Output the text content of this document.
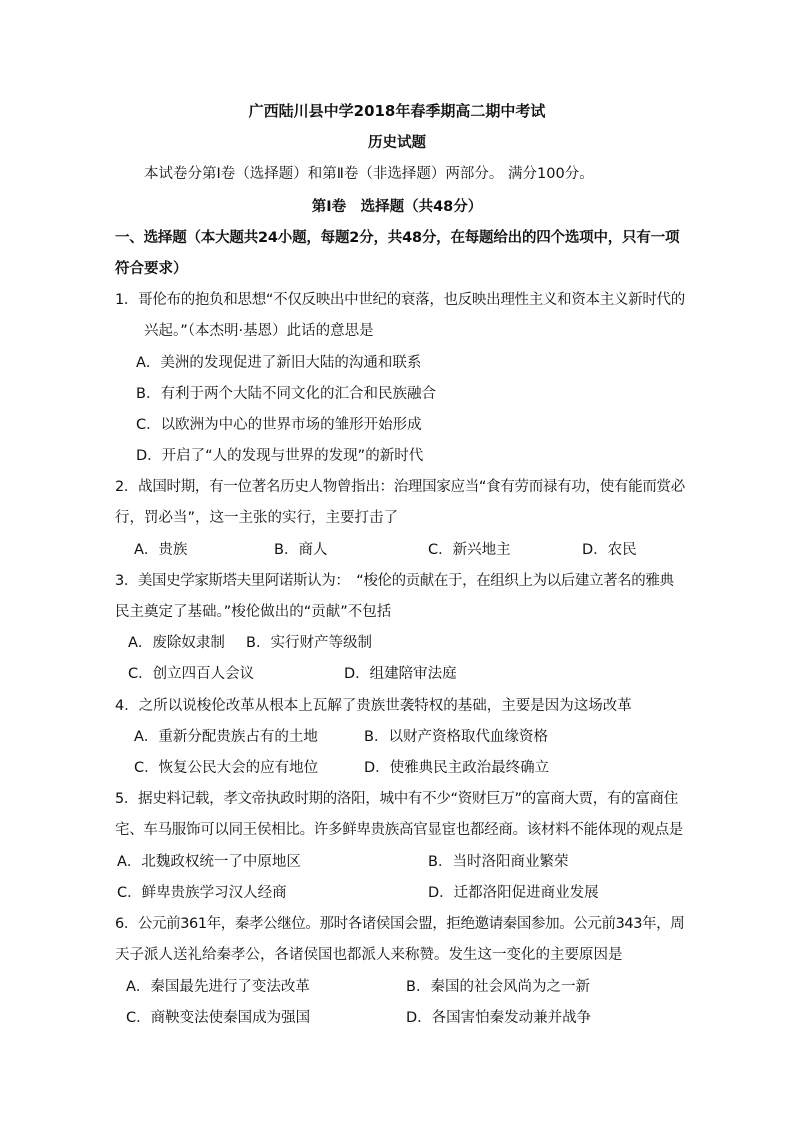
广西陆川县中学2018年春季期高二期中考试
历史试题
本试卷分第Ⅰ卷（选择题）和第Ⅱ卷（非选择题）两部分。 满分100分。
第Ⅰ卷　选择题（共48分）
一、选择题（本大题共24小题，每题2分，共48分，在每题给出的四个选项中，只有一项
符合要求）
1．哥伦布的抱负和思想“不仅反映出中世纪的衰落，也反映出理性主义和资本主义新时代的
兴起。”（本杰明·基恩）此话的意思是
A．美洲的发现促进了新旧大陆的沟通和联系
B．有利于两个大陆不同文化的汇合和民族融合
C．以欧洲为中心的世界市场的雏形开始形成
D．开启了“人的发现与世界的发现”的新时代
2．战国时期，有一位著名历史人物曾指出：治理国家应当“食有劳而禄有功，使有能而赏必
行，罚必当”，这一主张的实行，主要打击了
A．贵族	B．商人	C．新兴地主	D．农民
3．美国史学家斯塔夫里阿诺斯认为：　“梭伦的贡献在于，在组织上为以后建立著名的雅典
民主奠定了基础。”梭伦做出的“贡献”不包括
A．废除奴隶制 B．实行财产等级制
C．创立四百人会议	D．组建陪审法庭
4．之所以说梭伦改革从根本上瓦解了贵族世袭特权的基础，主要是因为这场改革
A．重新分配贵族占有的土地	B．以财产资格取代血缘资格
C．恢复公民大会的应有地位	D．使雅典民主政治最终确立
5．据史料记载，孝文帝执政时期的洛阳，城中有不少“资财巨万”的富商大贾，有的富商住
宅、车马服饰可以同王侯相比。许多鲜卑贵族高官显宦也都经商。该材料不能体现的观点是
A．北魏政权统一了中原地区	B．当时洛阳商业繁荣
C．鲜卑贵族学习汉人经商	D．迁都洛阳促进商业发展
6．公元前361年，秦孝公继位。那时各诸侯国会盟，拒绝邀请秦国参加。公元前343年，周
天子派人送礼给秦孝公，各诸侯国也都派人来称赞。发生这一变化的主要原因是
A．秦国最先进行了变法改革	B．秦国的社会风尚为之一新
C．商鞅变法使秦国成为强国	D．各国害怕秦发动兼并战争
